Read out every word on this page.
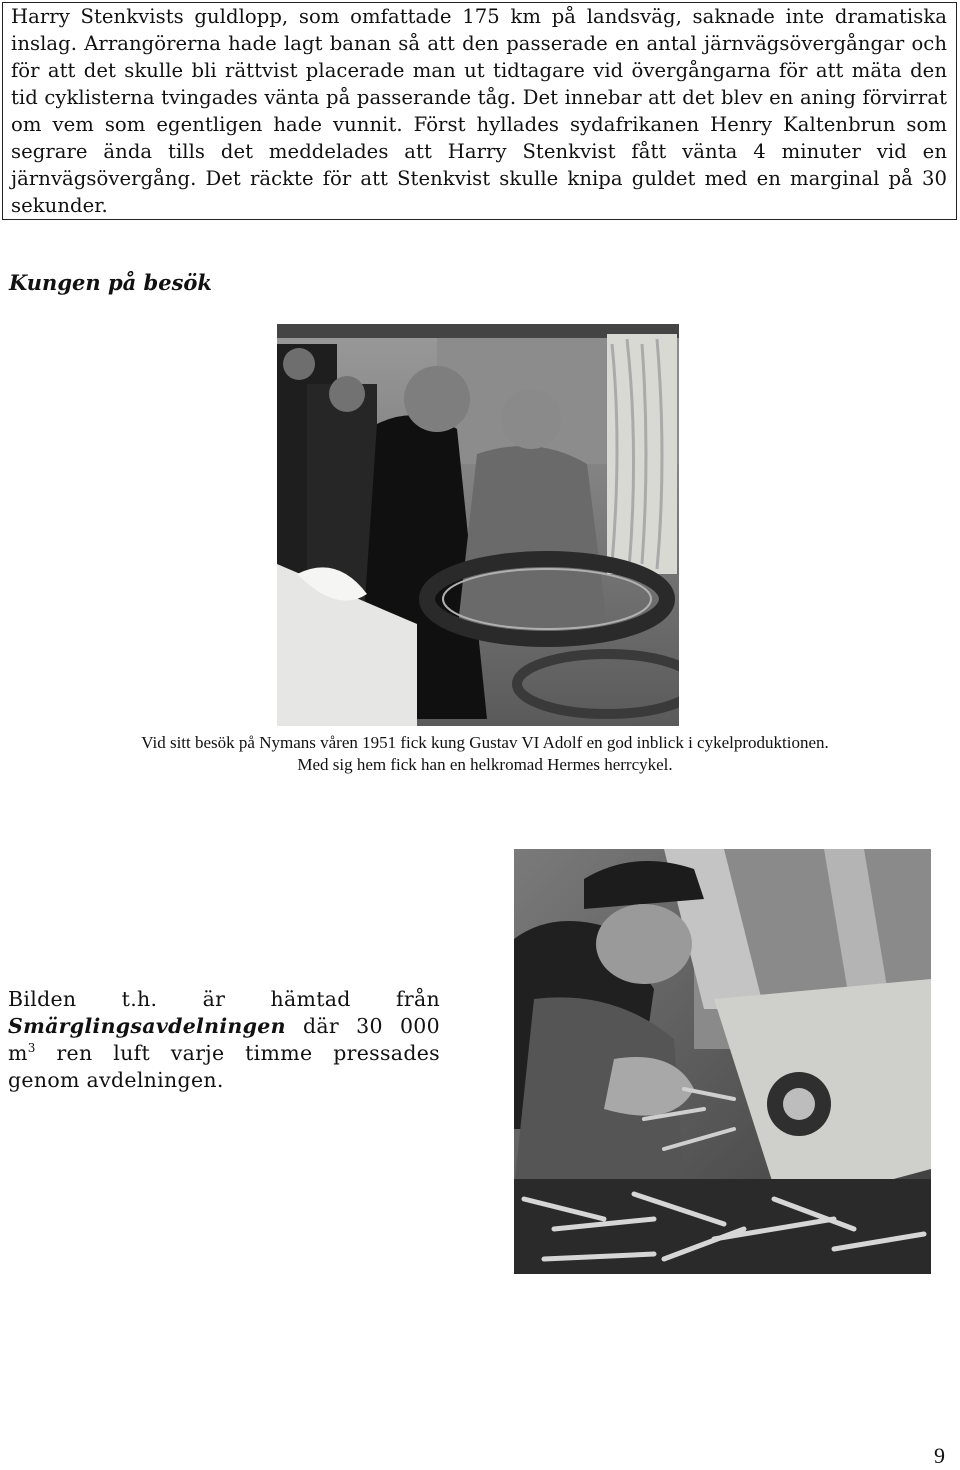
Harry Stenkvists guldlopp, som omfattade 175 km på landsväg, saknade inte dramatiska inslag. Arrangörerna hade lagt banan så att den passerade en antal järnvägsövergångar och för att det skulle bli rättvist placerade man ut tidtagare vid övergångarna för att mäta den tid cyklisterna tvingades vänta på passerande tåg. Det innebar att det blev en aning förvirrat om vem som egentligen hade vunnit. Först hyllades sydafrikanen Henry Kaltenbrun som segrare ända tills det meddelades att Harry Stenkvist fått vänta 4 minuter vid en järnvägsövergång. Det räckte för att Stenkvist skulle knipa guldet med en marginal på 30 sekunder.

Kungen på besök

Vid sitt besök på Nymans våren 1951 fick kung Gustav VI Adolf en god inblick i cykelproduktionen. Med sig hem fick han en helkromad Hermes herrcykel.

Bilden t.h. är hämtad från Smärglingsavdelningen där 30 000 $m^3$ ren luft varje timme pressades genom avdelningen.

9
